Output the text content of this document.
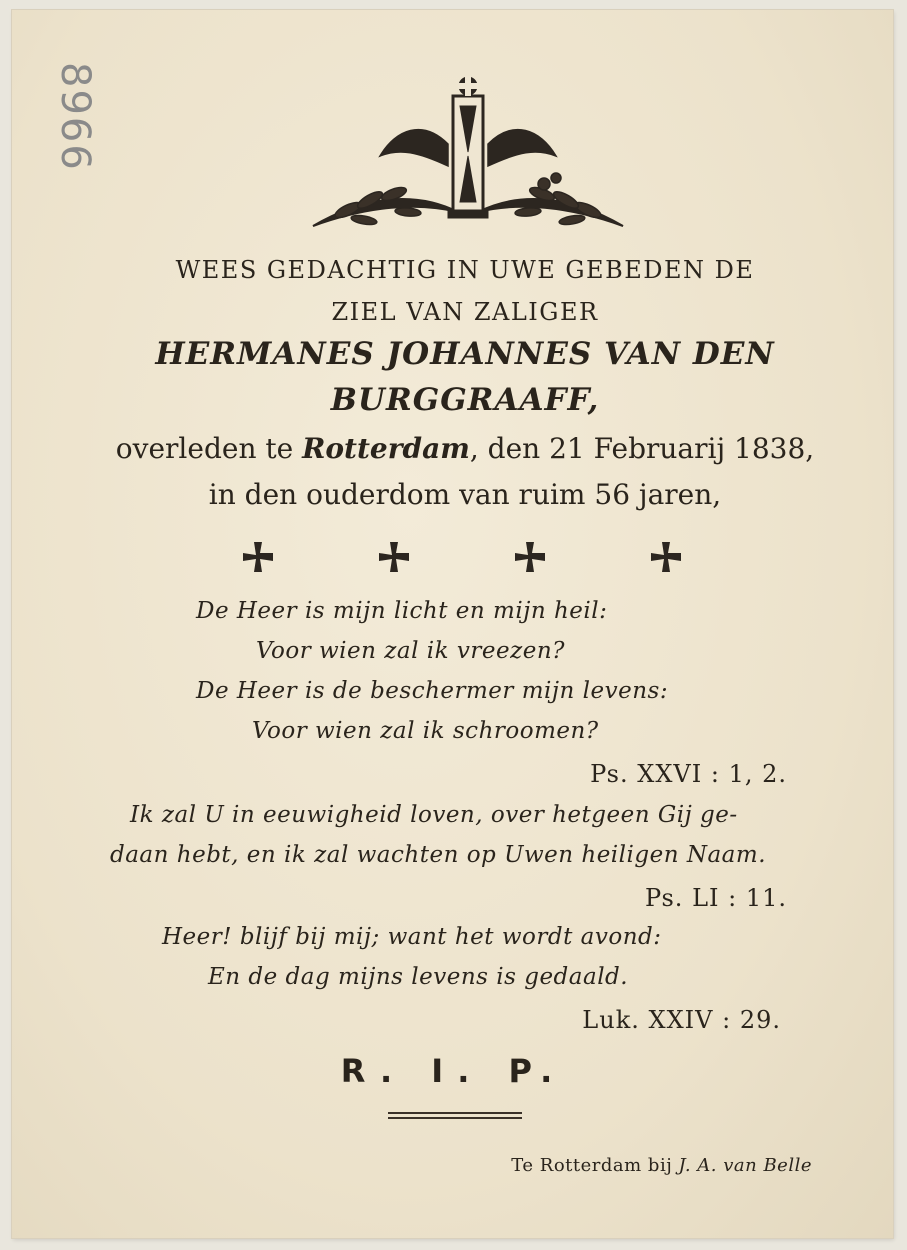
8966
WEES GEDACHTIG IN UWE GEBEDEN DE
ZIEL VAN ZALIGER
HERMANES JOHANNES VAN DEN
BURGGRAAFF,
overleden te Rotterdam, den 21 Februarij 1838,
in den ouderdom van ruim 56 jaren,
De Heer is mijn licht en mijn heil:
Voor wien zal ik vreezen?
De Heer is de beschermer mijn levens:
Voor wien zal ik schroomen?
Ps. XXVI : 1, 2.
Ik zal U in eeuwigheid loven, over hetgeen Gij ge-
daan hebt, en ik zal wachten op Uwen heiligen Naam.
Ps. LI : 11.
Heer! blijf bij mij; want het wordt avond:
En de dag mijns levens is gedaald.
Luk. XXIV : 29.
R. I. P.
Te Rotterdam bij J. A. van Belle
